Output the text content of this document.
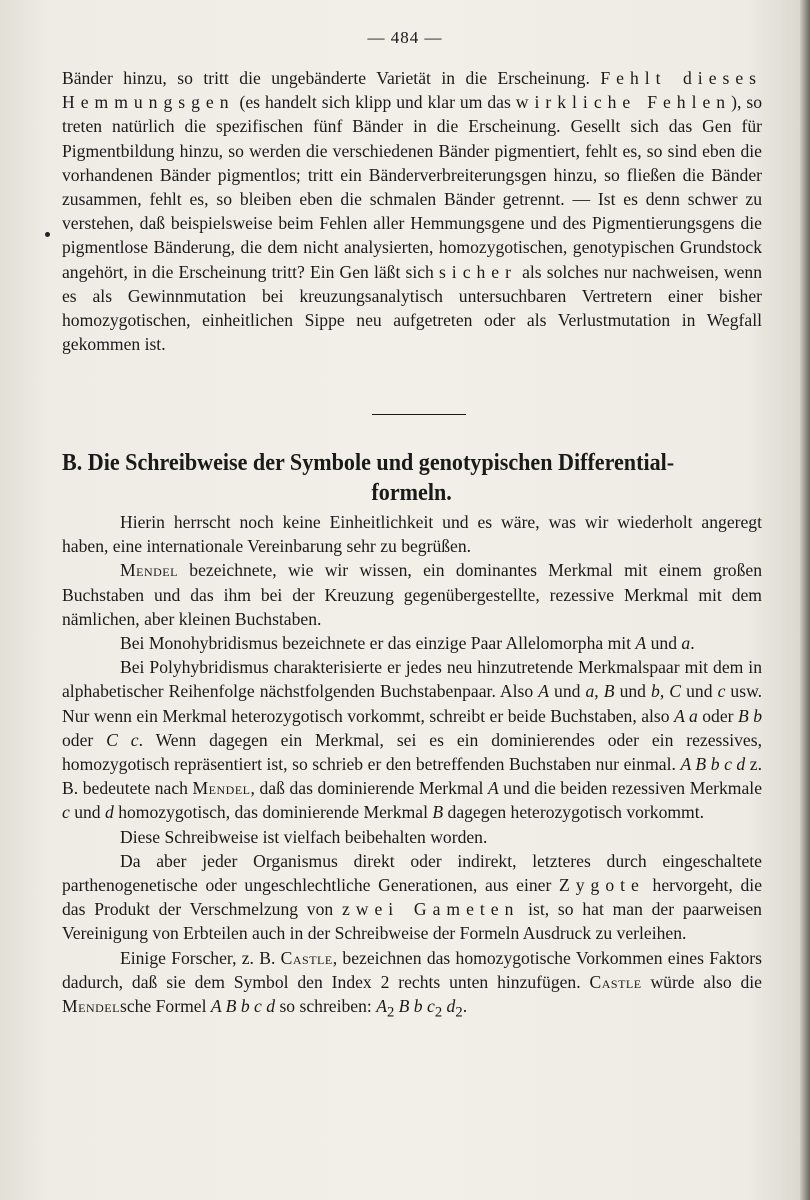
— 484 —

Bänder hinzu, so tritt die ungebänderte Varietät in die Erscheinung. Fehlt dieses Hemmungsgen (es handelt sich klipp und klar um das wirkliche Fehlen), so treten natürlich die spezifischen fünf Bänder in die Erscheinung. Gesellt sich das Gen für Pigmentbildung hinzu, so werden die verschiedenen Bänder pigmentiert, fehlt es, so sind eben die vorhandenen Bänder pigmentlos; tritt ein Bänderverbreiterungsgen hinzu, so fließen die Bänder zusammen, fehlt es, so bleiben eben die schmalen Bänder getrennt. — Ist es denn schwer zu verstehen, daß beispielsweise beim Fehlen aller Hemmungsgene und des Pigmentierungsgens die pigmentlose Bänderung, die dem nicht analysierten, homozygotischen, genotypischen Grundstock angehört, in die Erscheinung tritt? Ein Gen läßt sich sicher als solches nur nachweisen, wenn es als Gewinnmutation bei kreuzungsanalytisch untersuchbaren Vertretern einer bisher homozygotischen, einheitlichen Sippe neu aufgetreten oder als Verlustmutation in Wegfall gekommen ist.

B. Die Schreibweise der Symbole und genotypischen Differential-
formeln.

Hierin herrscht noch keine Einheitlichkeit und es wäre, was wir wiederholt angeregt haben, eine internationale Vereinbarung sehr zu begrüßen.

Mendel bezeichnete, wie wir wissen, ein dominantes Merkmal mit einem großen Buchstaben und das ihm bei der Kreuzung gegenübergestellte, rezessive Merkmal mit dem nämlichen, aber kleinen Buchstaben.

Bei Monohybridismus bezeichnete er das einzige Paar Allelomorpha mit A und a.

Bei Polyhybridismus charakterisierte er jedes neu hinzutretende Merkmalspaar mit dem in alphabetischer Reihenfolge nächstfolgenden Buchstabenpaar. Also A und a, B und b, C und c usw. Nur wenn ein Merkmal heterozygotisch vorkommt, schreibt er beide Buchstaben, also A a oder B b oder C c. Wenn dagegen ein Merkmal, sei es ein dominierendes oder ein rezessives, homozygotisch repräsentiert ist, so schrieb er den betreffenden Buchstaben nur einmal. A B b c d z. B. bedeutete nach Mendel, daß das dominierende Merkmal A und die beiden rezessiven Merkmale c und d homozygotisch, das dominierende Merkmal B dagegen heterozygotisch vorkommt.

Diese Schreibweise ist vielfach beibehalten worden.

Da aber jeder Organismus direkt oder indirekt, letzteres durch eingeschaltete parthenogenetische oder ungeschlechtliche Generationen, aus einer Zygote hervorgeht, die das Produkt der Verschmelzung von zwei Gameten ist, so hat man der paarweisen Vereinigung von Erbteilen auch in der Schreibweise der Formeln Ausdruck zu verleihen.

Einige Forscher, z. B. Castle, bezeichnen das homozygotische Vorkommen eines Faktors dadurch, daß sie dem Symbol den Index 2 rechts unten hinzufügen. Castle würde also die Mendelsche Formel A B b c d so schreiben: $A_2$ B b $c_2$ $d_2$.
